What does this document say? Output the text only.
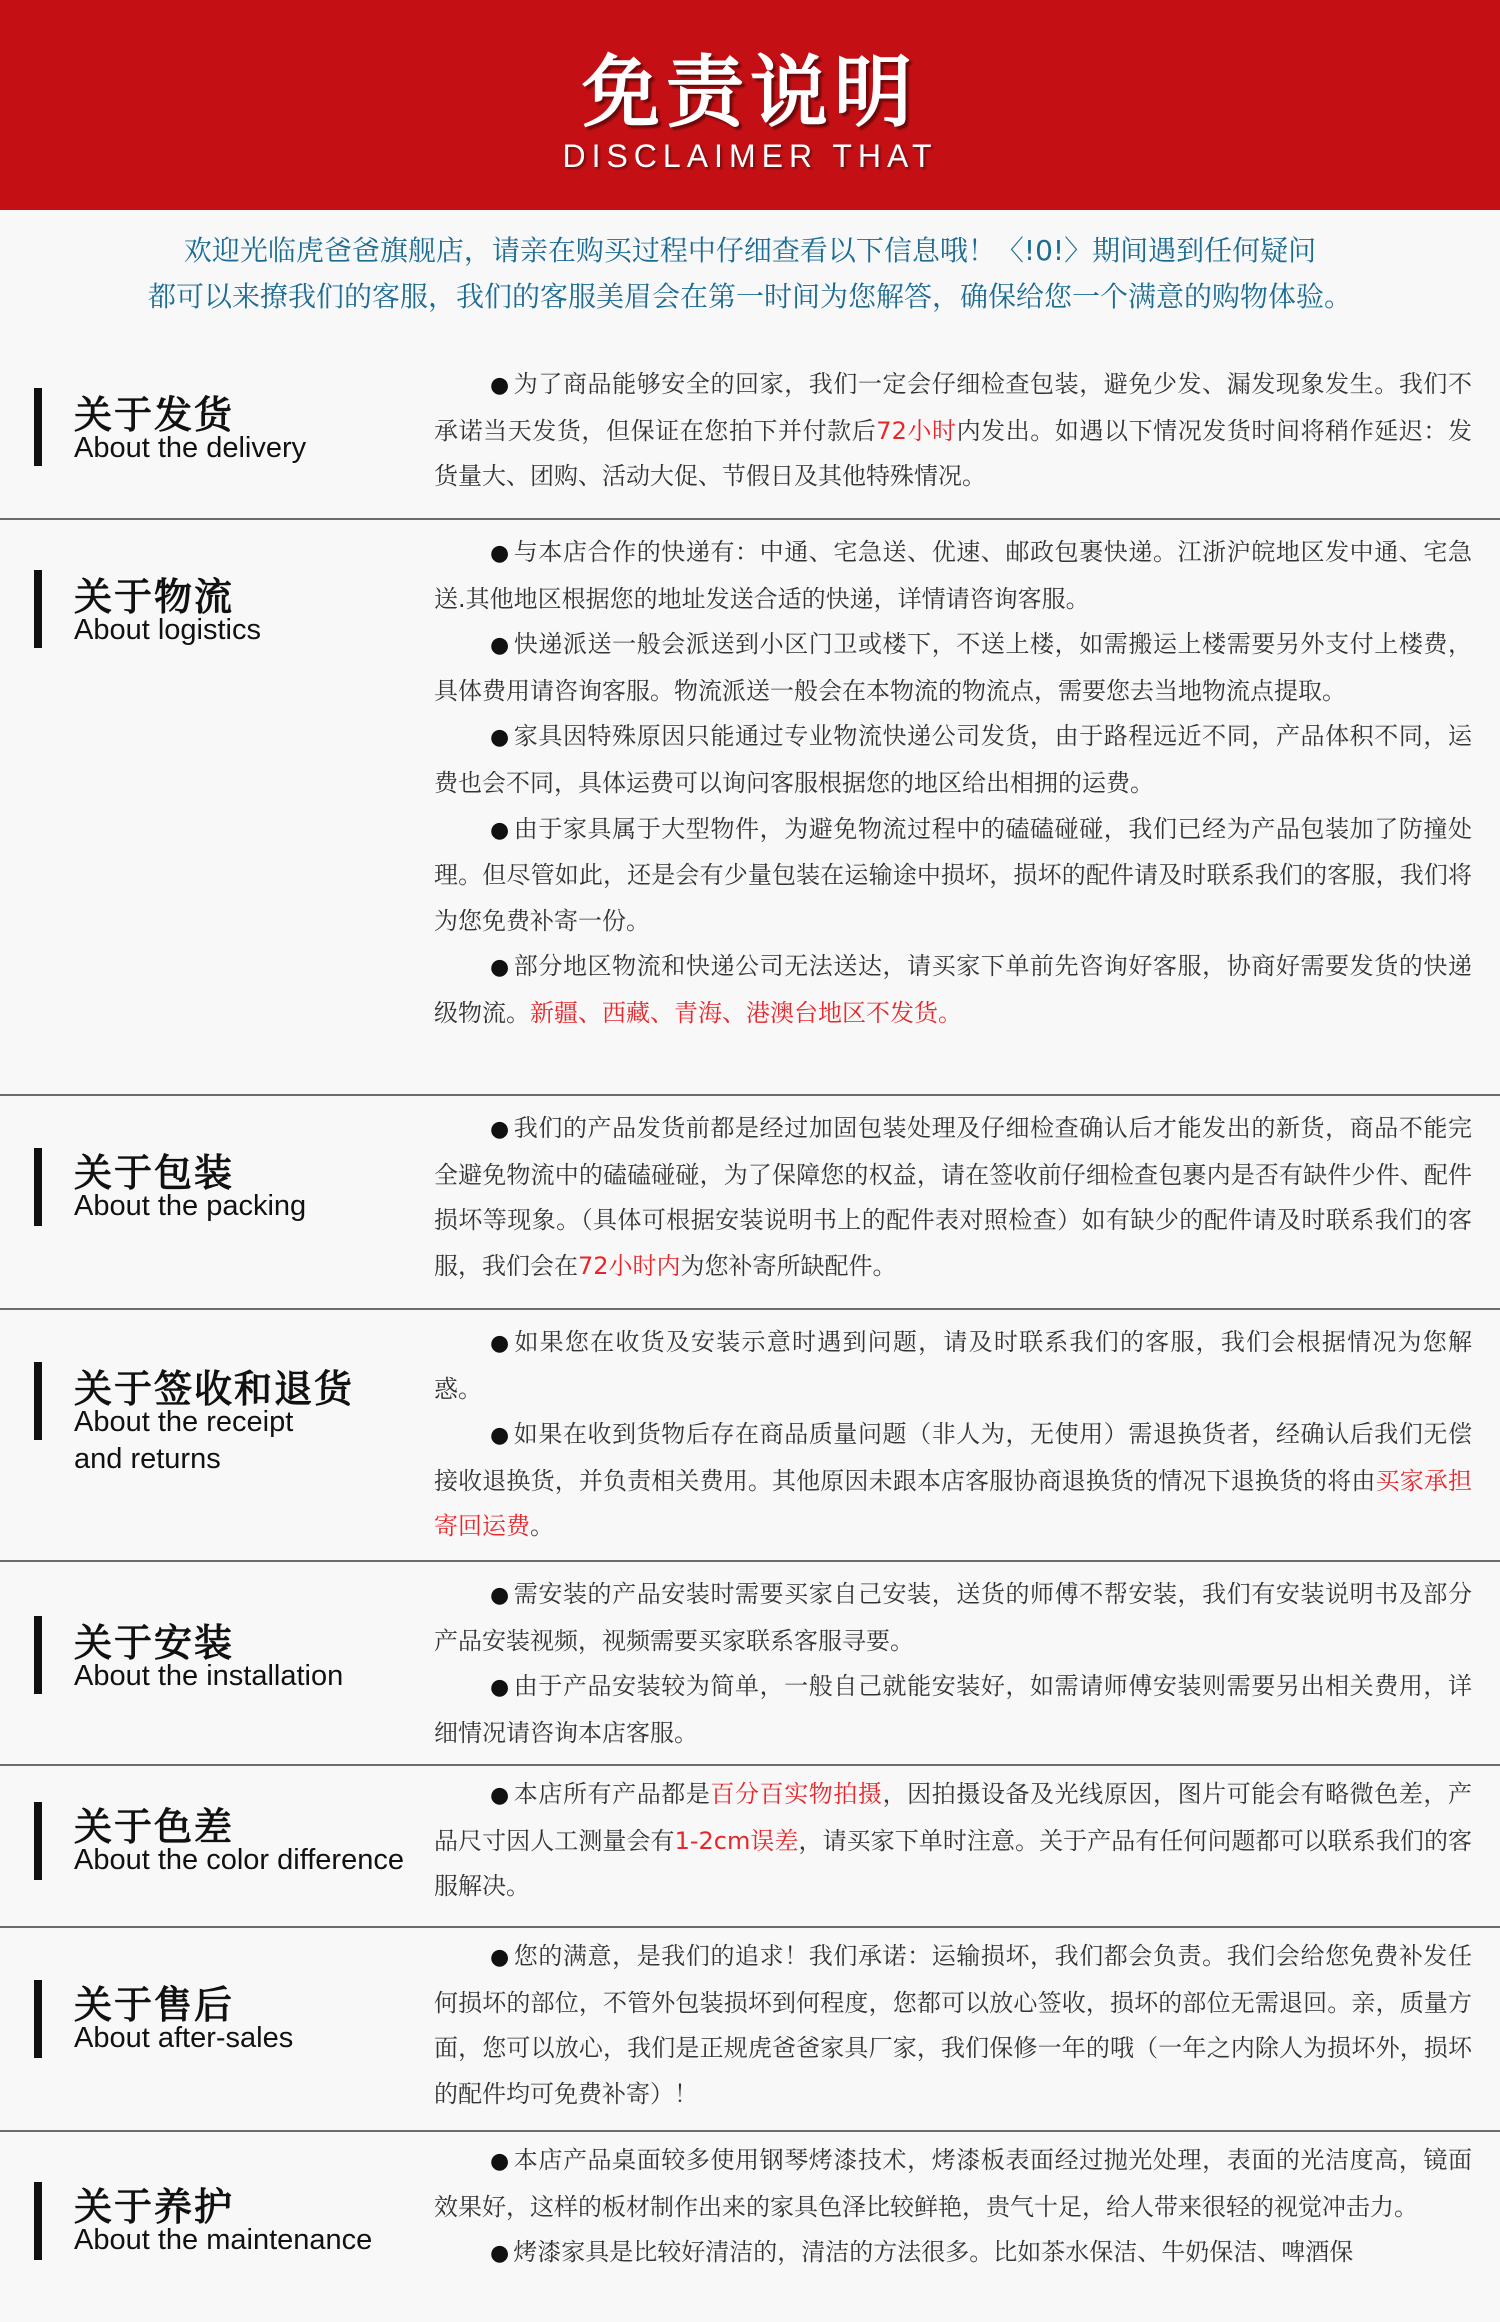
免责说明
DISCLAIMER THAT
欢迎光临虎爸爸旗舰店，请亲在购买过程中仔细查看以下信息哦！〈!0!〉期间遇到任何疑问
都可以来撩我们的客服，我们的客服美眉会在第一时间为您解答，确保给您一个满意的购物体验。
关于发货
About the delivery

● 为了商品能够安全的回家，我们一定会仔细检查包装，避免少发、漏发现象发生。我们不承诺当天发货，但保证在您拍下并付款后72小时内发出。如遇以下情况发货时间将稍作延迟：发货量大、团购、活动大促、节假日及其他特殊情况。

关于物流
About logistics

● 与本店合作的快递有：中通、宅急送、优速、邮政包裹快递。江浙沪皖地区发中通、宅急送.其他地区根据您的地址发送合适的快递，详情请咨询客服。

● 快递派送一般会派送到小区门卫或楼下，不送上楼，如需搬运上楼需要另外支付上楼费，具体费用请咨询客服。物流派送一般会在本物流的物流点，需要您去当地物流点提取。

● 家具因特殊原因只能通过专业物流快递公司发货，由于路程远近不同，产品体积不同，运费也会不同，具体运费可以询问客服根据您的地区给出相拥的运费。

● 由于家具属于大型物件，为避免物流过程中的磕磕碰碰，我们已经为产品包装加了防撞处理。但尽管如此，还是会有少量包装在运输途中损坏，损坏的配件请及时联系我们的客服，我们将为您免费补寄一份。

● 部分地区物流和快递公司无法送达，请买家下单前先咨询好客服，协商好需要发货的快递级物流。新疆、西藏、青海、港澳台地区不发货。

关于包装
About the packing

● 我们的产品发货前都是经过加固包装处理及仔细检查确认后才能发出的新货，商品不能完全避免物流中的磕磕碰碰，为了保障您的权益，请在签收前仔细检查包裹内是否有缺件少件、配件损坏等现象。（具体可根据安装说明书上的配件表对照检查）如有缺少的配件请及时联系我们的客服，我们会在72小时内为您补寄所缺配件。

关于签收和退货
About the receipt
and returns

● 如果您在收货及安装示意时遇到问题，请及时联系我们的客服，我们会根据情况为您解惑。

● 如果在收到货物后存在商品质量问题（非人为，无使用）需退换货者，经确认后我们无偿接收退换货，并负责相关费用。其他原因未跟本店客服协商退换货的情况下退换货的将由买家承担寄回运费。

关于安装
About the installation

● 需安装的产品安装时需要买家自己安装，送货的师傅不帮安装，我们有安装说明书及部分产品安装视频，视频需要买家联系客服寻要。

● 由于产品安装较为简单，一般自己就能安装好，如需请师傅安装则需要另出相关费用，详细情况请咨询本店客服。

关于色差
About the color difference

● 本店所有产品都是百分百实物拍摄，因拍摄设备及光线原因，图片可能会有略微色差，产品尺寸因人工测量会有1-2cm误差，请买家下单时注意。关于产品有任何问题都可以联系我们的客服解决。

关于售后
About after-sales

● 您的满意，是我们的追求！我们承诺：运输损坏，我们都会负责。我们会给您免费补发任何损坏的部位，不管外包装损坏到何程度，您都可以放心签收，损坏的部位无需退回。亲，质量方面，您可以放心，我们是正规虎爸爸家具厂家，我们保修一年的哦（一年之内除人为损坏外，损坏的配件均可免费补寄）！

关于养护
About the maintenance

● 本店产品桌面较多使用钢琴烤漆技术，烤漆板表面经过抛光处理，表面的光洁度高，镜面效果好，这样的板材制作出来的家具色泽比较鲜艳，贵气十足，给人带来很轻的视觉冲击力。

● 烤漆家具是比较好清洁的，清洁的方法很多。比如茶水保洁、牛奶保洁、啤酒保
